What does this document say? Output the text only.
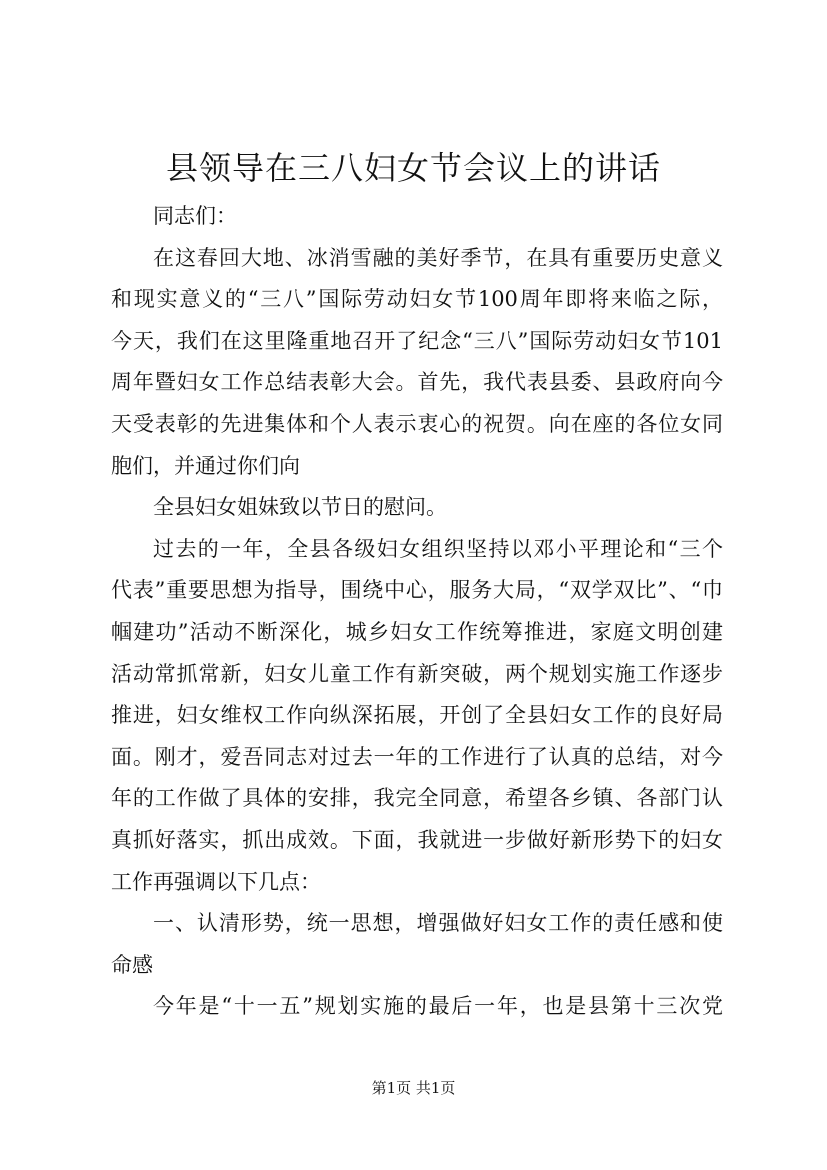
县领导在三八妇女节会议上的讲话
同志们：
在这春回大地、冰消雪融的美好季节，在具有重要历史意义
和现实意义的“三八”国际劳动妇女节100周年即将来临之际，
今天，我们在这里隆重地召开了纪念“三八”国际劳动妇女节101
周年暨妇女工作总结表彰大会。首先，我代表县委、县政府向今
天受表彰的先进集体和个人表示衷心的祝贺。向在座的各位女同
胞们，并通过你们向
全县妇女姐妹致以节日的慰问。
过去的一年，全县各级妇女组织坚持以邓小平理论和“三个
代表”重要思想为指导，围绕中心，服务大局，“双学双比”、“巾
帼建功”活动不断深化，城乡妇女工作统筹推进，家庭文明创建
活动常抓常新，妇女儿童工作有新突破，两个规划实施工作逐步
推进，妇女维权工作向纵深拓展，开创了全县妇女工作的良好局
面。刚才，爱吾同志对过去一年的工作进行了认真的总结，对今
年的工作做了具体的安排，我完全同意，希望各乡镇、各部门认
真抓好落实，抓出成效。下面，我就进一步做好新形势下的妇女
工作再强调以下几点：
一、认清形势，统一思想，增强做好妇女工作的责任感和使
命感
今年是“十一五”规划实施的最后一年，也是县第十三次党
第1页 共1页
